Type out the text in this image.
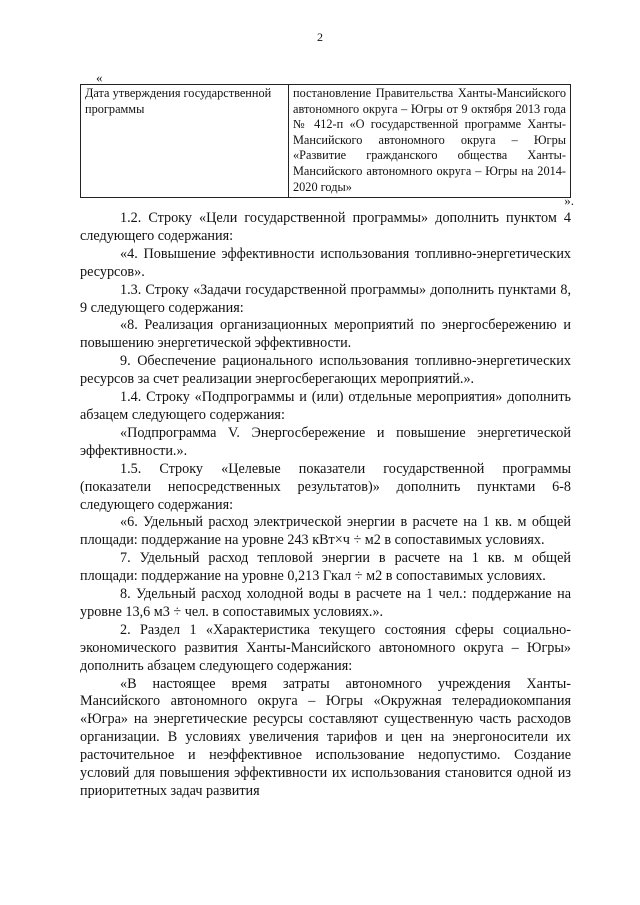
2
«
Дата утверждения государственной программы	постановление Правительства Ханты-Мансийского автономного округа – Югры от 9 октября 2013 года № 412-п «О государственной программе Ханты-Мансийского автономного округа – Югры «Развитие гражданского общества Ханты-Мансийского автономного округа – Югры на 2014-2020 годы»
».

1.2. Строку «Цели государственной программы» дополнить пунктом 4 следующего содержания:

«4. Повышение эффективности использования топливно-энергетических ресурсов».

1.3. Строку «Задачи государственной программы» дополнить пунктами 8, 9 следующего содержания:

«8. Реализация организационных мероприятий по энергосбережению и повышению энергетической эффективности.

9. Обеспечение рационального использования топливно-энергетических ресурсов за счет реализации энергосберегающих мероприятий.».

1.4. Строку «Подпрограммы и (или) отдельные мероприятия» дополнить абзацем следующего содержания:

«Подпрограмма V. Энергосбережение и повышение энергетической эффективности.».

1.5. Строку «Целевые показатели государственной программы (показатели непосредственных результатов)» дополнить пунктами 6-8 следующего содержания:

«6. Удельный расход электрической энергии в расчете на 1 кв. м общей площади: поддержание на уровне 243 кВт×ч ÷ м2 в сопоставимых условиях.

7. Удельный расход тепловой энергии в расчете на 1 кв. м общей площади: поддержание на уровне 0,213 Гкал ÷ м2 в сопоставимых условиях.

8. Удельный расход холодной воды в расчете на 1 чел.: поддержание на уровне 13,6 м3 ÷ чел. в сопоставимых условиях.».

2. Раздел 1 «Характеристика текущего состояния сферы социально-экономического развития Ханты-Мансийского автономного округа – Югры» дополнить абзацем следующего содержания:

«В настоящее время затраты автономного учреждения Ханты-Мансийского автономного округа – Югры «Окружная телерадиокомпания «Югра» на энергетические ресурсы составляют существенную часть расходов организации. В условиях увеличения тарифов и цен на энергоносители их расточительное и неэффективное использование недопустимо. Создание условий для повышения эффективности их использования становится одной из приоритетных задач развития
